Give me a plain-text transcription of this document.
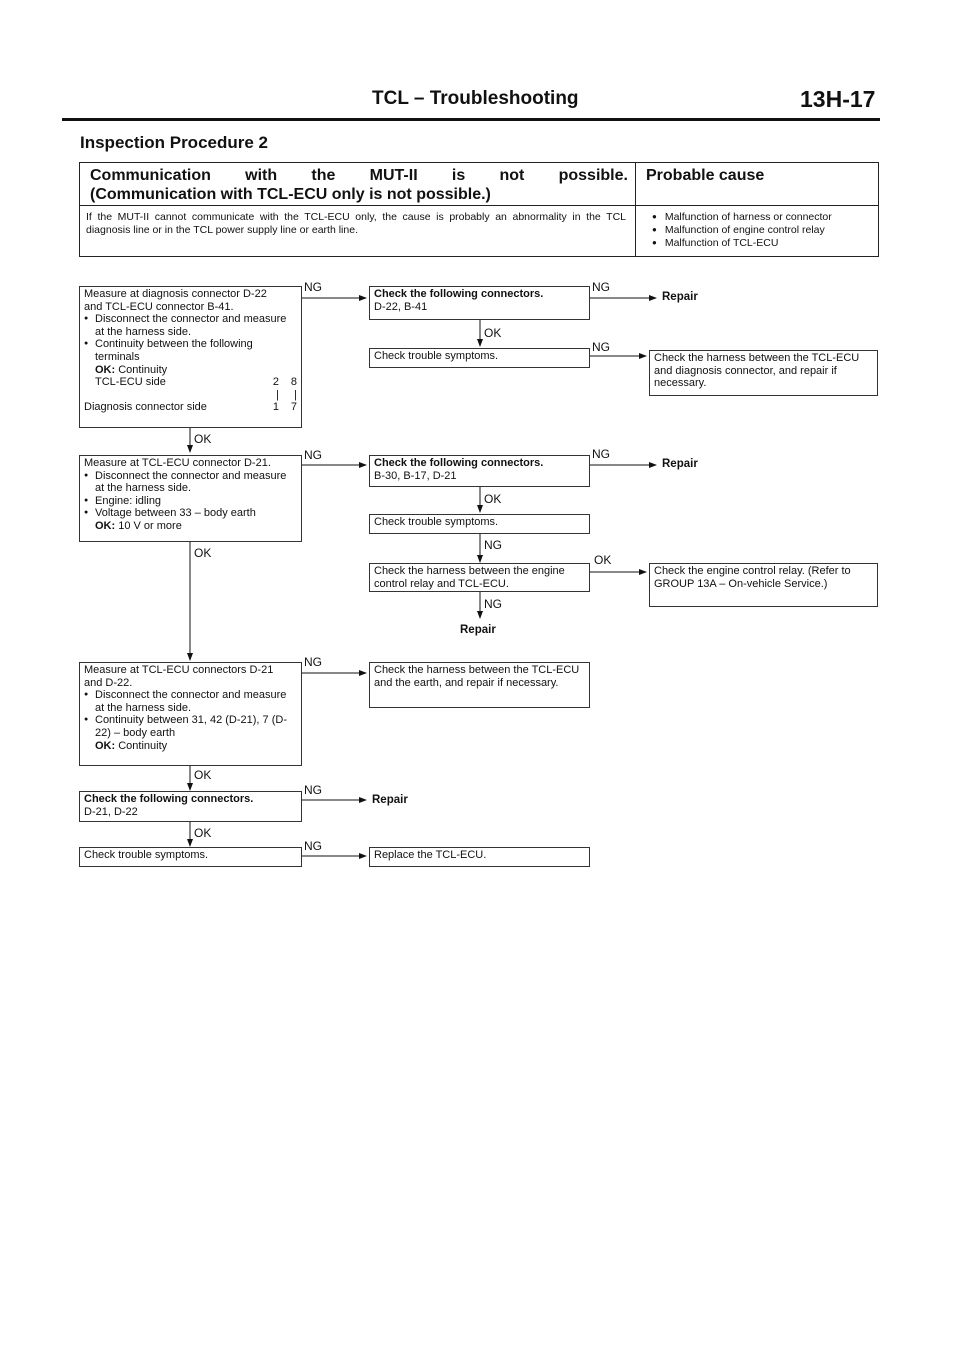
TCL – Troubleshooting	13H-17
Inspection Procedure 2
Communication with the MUT-II is not possible.
(Communication with TCL-ECU only is not possible.)
Probable cause
If the MUT-II cannot communicate with the TCL-ECU only, the cause is probably an abnormality in the TCL diagnosis line or in the TCL power supply line or earth line.
● Malfunction of harness or connector
● Malfunction of engine control relay
● Malfunction of TCL-ECU
Measure at diagnosis connector D-22
and TCL-ECU connector B-41.
● Disconnect the connector and measure at the harness side.
● Continuity between the following terminals
OK: Continuity
TCL-ECU side	2	8
|	|
Diagnosis connector side	1	7
NG	Check the following connectors.
D-22, B-41
NG
Repair
OK
Check trouble symptoms.
NG
Check the harness between the TCL-ECU and diagnosis connector, and repair if necessary.
OK
Measure at TCL-ECU connector D-21.
● Disconnect the connector and measure at the harness side.
● Engine: idling
● Voltage between 33 – body earth
OK: 10 V or more
NG
Check the following connectors.
B-30, B-17, D-21
NG
Repair
OK
Check trouble symptoms.
NG
Check the harness between the engine control relay and TCL-ECU.
OK
Check the engine control relay. (Refer to GROUP 13A – On-vehicle Service.)
NG
Repair
OK
Measure at TCL-ECU connectors D-21
and D-22.
● Disconnect the connector and measure at the harness side.
● Continuity between 31, 42 (D-21), 7 (D-22) – body earth
OK: Continuity
NG
Check the harness between the TCL-ECU and the earth, and repair if necessary.
OK
Check the following connectors.
D-21, D-22
NG
Repair
OK
Check trouble symptoms.
NG
Replace the TCL-ECU.
